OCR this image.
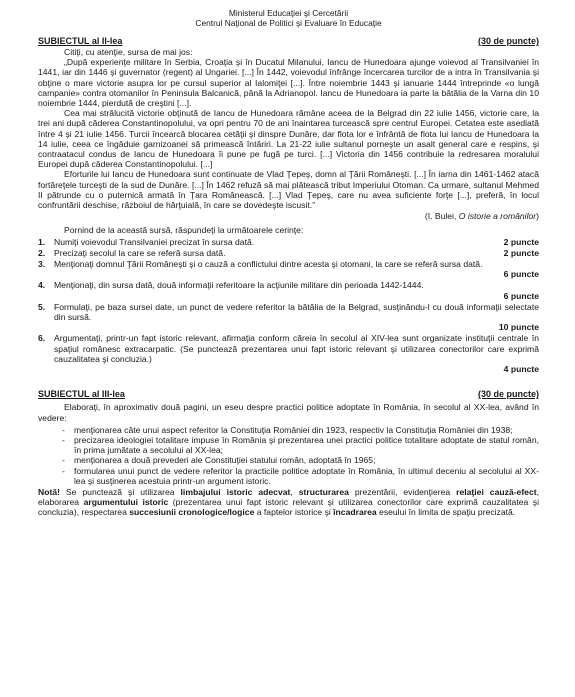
Ministerul Educaţiei şi Cercetării
Centrul Naţional de Politici şi Evaluare în Educaţie
SUBIECTUL al II-lea	(30 de puncte)

Citiţi, cu atenţie, sursa de mai jos:

„După experienţe militare în Serbia, Croaţia şi în Ducatul Milanului, Iancu de Hunedoara ajunge voievod al Transilvaniei în 1441, iar din 1446 şi guvernator (regent) al Ungariei. [...] În 1442, voievodul înfrânge încercarea turcilor de a intra în Transilvania şi obţine o mare victorie asupra lor pe cursul superior al Ialomiţei [...]. Între noiembrie 1443 şi ianuarie 1444 întreprinde «o lungă campanie» contra otomanilor în Peninsula Balcanică, până la Adrianopol. Iancu de Hunedoara ia parte la bătălia de la Varna din 10 noiembrie 1444, pierdută de creştini [...].

Cea mai strălucită victorie obţinută de Iancu de Hunedoara rămâne aceea de la Belgrad din 22 iulie 1456, victorie care, la trei ani după căderea Constantinopolului, va opri pentru 70 de ani înaintarea turcească spre centrul Europei. Cetatea este asediată între 4 şi 21 iulie 1456. Turcii încearcă blocarea cetăţii şi dinspre Dunăre, dar flota lor e înfrântă de flota lui Iancu de Hunedoara la 14 iulie, ceea ce îngăduie garnizoanei să primească întăriri. La 21-22 iulie sultanul porneşte un asalt general care e respins, şi contraatacul condus de Iancu de Hunedoara îi pune pe fugă pe turci. [...] Victoria din 1456 contribuie la redresarea moralului Europei după căderea Constantinopolului. [...]

Eforturile lui Iancu de Hunedoara sunt continuate de Vlad Ţepeş, domn al Ţării Româneşti. [...] În iarna din 1461-1462 atacă fortăreţele turceşti de la sud de Dunăre. [...] În 1462 refuză să mai plătească tribut Imperiului Otoman. Ca urmare, sultanul Mehmed II pătrunde cu o puternică armată în Ţara Românească. [...] Vlad Ţepeş, care nu avea suficiente forţe [...], preferă, în locul confruntării deschise, războiul de hărţuială, în care se dovedeşte iscusit.”

(I. Bulei, O istorie a românilor)

Pornind de la această sursă, răspundeţi la următoarele cerinţe:

1.	Numiţi voievodul Transilvaniei precizat în sursa dată.	2 puncte
2.	Precizaţi secolul la care se referă sursa dată.	2 puncte
3.	Menţionaţi domnul Ţării Româneşti şi o cauză a conflictului dintre acesta şi otomani, la care se referă sursa dată.
6 puncte
4.	Menţionaţi, din sursa dată, două informaţii referitoare la acţiunile militare din perioada 1442-1444.
6 puncte
5.	Formulaţi, pe baza sursei date, un punct de vedere referitor la bătălia de la Belgrad, susţinându-l cu două informaţii selectate din sursă.
10 puncte
6.	Argumentaţi, printr-un fapt istoric relevant, afirmaţia conform căreia în secolul al XIV-lea sunt organizate instituţii centrale în spaţiul românesc extracarpatic. (Se punctează prezentarea unui fapt istoric relevant şi utilizarea conectorilor care exprimă cauzalitatea şi concluzia.)
4 puncte
SUBIECTUL al III-lea	(30 de puncte)

Elaboraţi, în aproximativ două pagini, un eseu despre practici politice adoptate în România, în secolul al XX-lea, având în vedere:

- menţionarea câte unui aspect referitor la Constituţia României din 1923, respectiv la Constituţia României din 1938;
- precizarea ideologiei totalitare impuse în România şi prezentarea unei practici politice totalitare adoptate de statul român, în prima jumătate a secolului al XX-lea;
- menţionarea a două prevederi ale Constituţiei statului român, adoptată în 1965;
- formularea unui punct de vedere referitor la practicile politice adoptate în România, în ultimul deceniu al secolului al XX-lea şi susţinerea acestuia printr-un argument istoric.

Notă! Se punctează şi utilizarea limbajului istoric adecvat, structurarea prezentării, evidenţierea relaţiei cauză-efect, elaborarea argumentului istoric (prezentarea unui fapt istoric relevant şi utilizarea conectorilor care exprimă cauzalitatea şi concluzia), respectarea succesiunii cronologice/logice a faptelor istorice şi încadrarea eseului în limita de spaţiu precizată.
